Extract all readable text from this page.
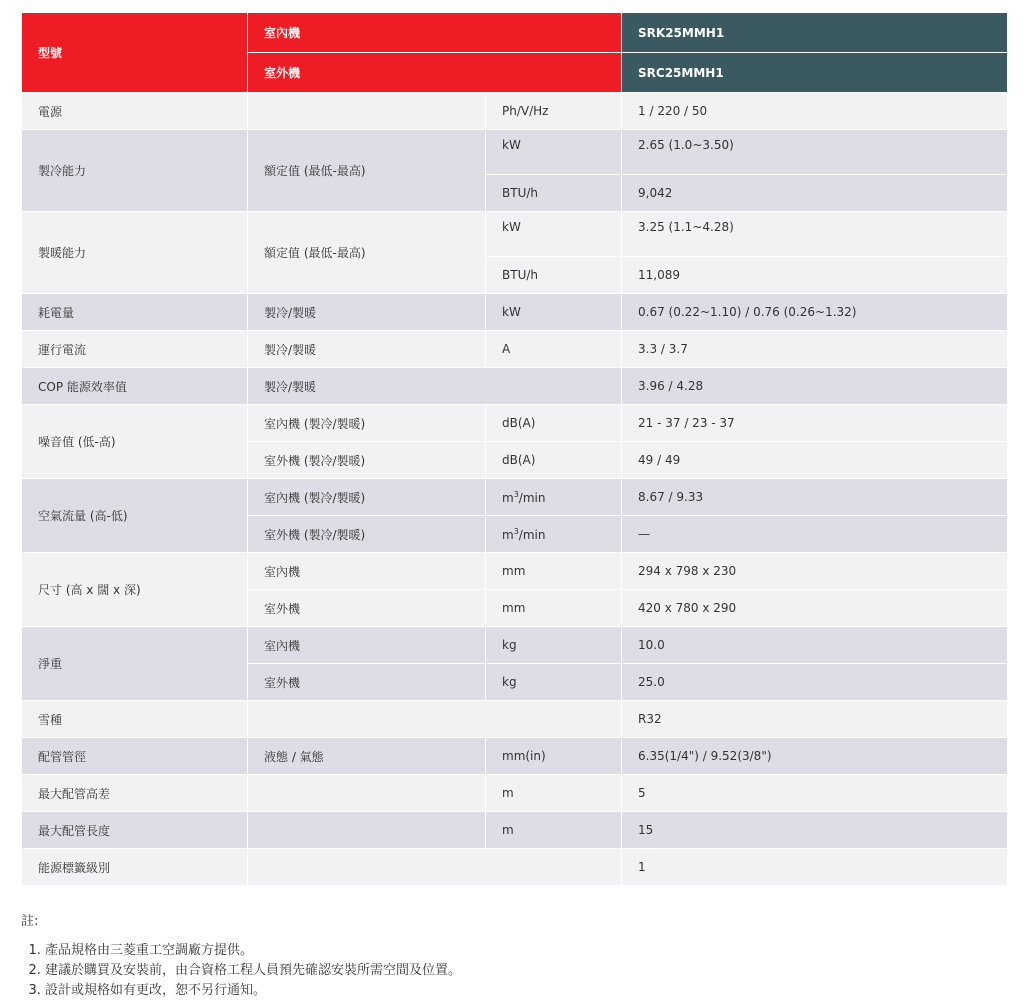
型號	室內機		SRK25MMH1
	室外機		SRC25MMH1
電源		Ph/V/Hz	1 / 220 / 50
製冷能力	額定值 (最低-最高)	kW	2.65 (1.0~3.50)
		BTU/h	9,042
製暖能力	額定值 (最低-最高)	kW	3.25 (1.1~4.28)
		BTU/h	11,089
耗電量	製冷/製暖	kW	0.67 (0.22~1.10) / 0.76 (0.26~1.32)
運行電流	製冷/製暖	A	3.3 / 3.7
COP 能源效率值	製冷/製暖		3.96 / 4.28
噪音值 (低-高)	室內機 (製冷/製暖)	dB(A)	21 - 37 / 23 - 37
	室外機 (製冷/製暖)	dB(A)	49 / 49
空氣流量 (高-低)	室內機 (製冷/製暖)	$m^3/\min$	8.67 / 9.33
	室外機 (製冷/製暖)	$m^3/\min$	—
尺寸 (高 x 闊 x 深)	室內機	mm	294 x 798 x 230
	室外機	mm	420 x 780 x 290
淨重	室內機	kg	10.0
	室外機	kg	25.0
雪種			R32
配管管徑	液態 / 氣態	mm(in)	6.35(1/4") / 9.52(3/8")
最大配管高差		m	5
最大配管長度		m	15
能源標籤級別			1
註:
1. 產品規格由三菱重工空調廠方提供。
2. 建議於購買及安裝前，由合資格工程人員預先確認安裝所需空間及位置。
3. 設計或規格如有更改，恕不另行通知。
